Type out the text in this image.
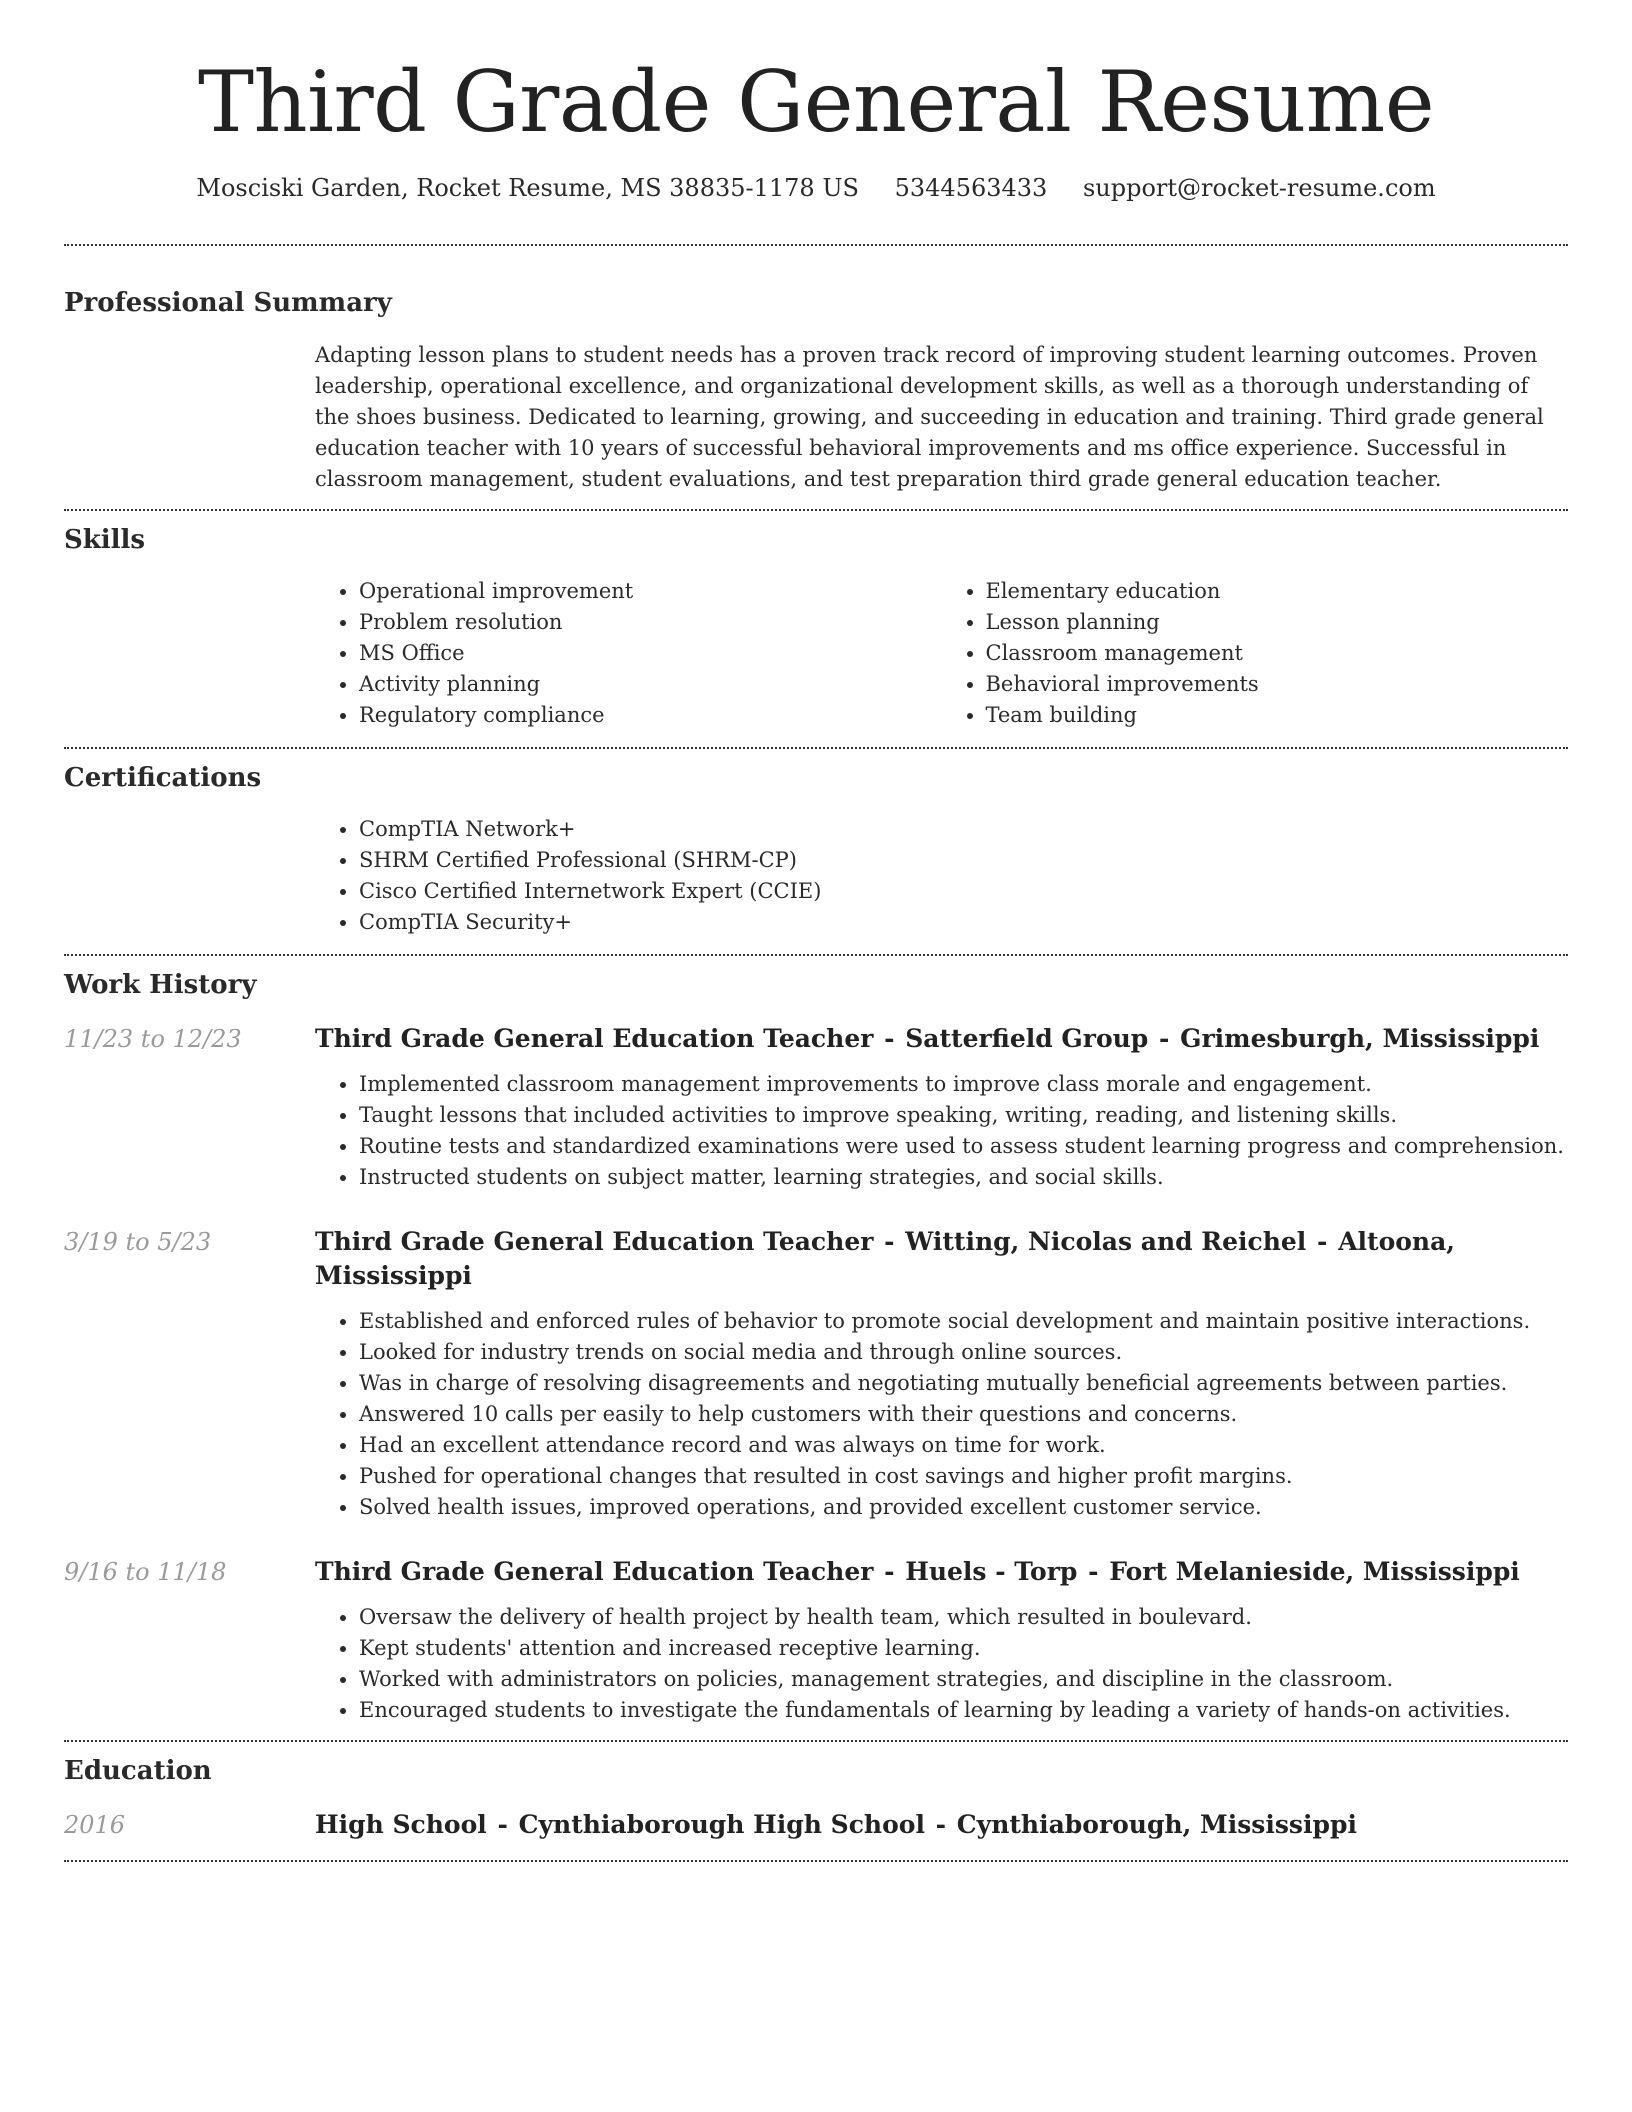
Third Grade General Resume
Mosciski Garden, Rocket Resume, MS 38835-1178 US 5344563433 support@rocket-resume.com
Professional Summary

Adapting lesson plans to student needs has a proven track record of improving student learning outcomes. Proven leadership, operational excellence, and organizational development skills, as well as a thorough understanding of the shoes business. Dedicated to learning, growing, and succeeding in education and training. Third grade general education teacher with 10 years of successful behavioral improvements and ms office experience. Successful in classroom management, student evaluations, and test preparation third grade general education teacher.

Skills
• Operational improvement
• Problem resolution
• MS Office
• Activity planning
• Regulatory compliance
• Elementary education
• Lesson planning
• Classroom management
• Behavioral improvements
• Team building
Certifications
• CompTIA Network+
• SHRM Certified Professional (SHRM-CP)
• Cisco Certified Internetwork Expert (CCIE)
• CompTIA Security+
Work History
11/23 to 12/23	Third Grade General Education Teacher - Satterfield Group - Grimesburgh, Mississippi
• Implemented classroom management improvements to improve class morale and engagement.
• Taught lessons that included activities to improve speaking, writing, reading, and listening skills.
• Routine tests and standardized examinations were used to assess student learning progress and comprehension.
• Instructed students on subject matter, learning strategies, and social skills.
3/19 to 5/23	Third Grade General Education Teacher - Witting, Nicolas and Reichel - Altoona, Mississippi
• Established and enforced rules of behavior to promote social development and maintain positive interactions.
• Looked for industry trends on social media and through online sources.
• Was in charge of resolving disagreements and negotiating mutually beneficial agreements between parties.
• Answered 10 calls per easily to help customers with their questions and concerns.
• Had an excellent attendance record and was always on time for work.
• Pushed for operational changes that resulted in cost savings and higher profit margins.
• Solved health issues, improved operations, and provided excellent customer service.
9/16 to 11/18	Third Grade General Education Teacher - Huels - Torp - Fort Melanieside, Mississippi
• Oversaw the delivery of health project by health team, which resulted in boulevard.
• Kept students' attention and increased receptive learning.
• Worked with administrators on policies, management strategies, and discipline in the classroom.
• Encouraged students to investigate the fundamentals of learning by leading a variety of hands-on activities.
Education
2016	High School - Cynthiaborough High School - Cynthiaborough, Mississippi
